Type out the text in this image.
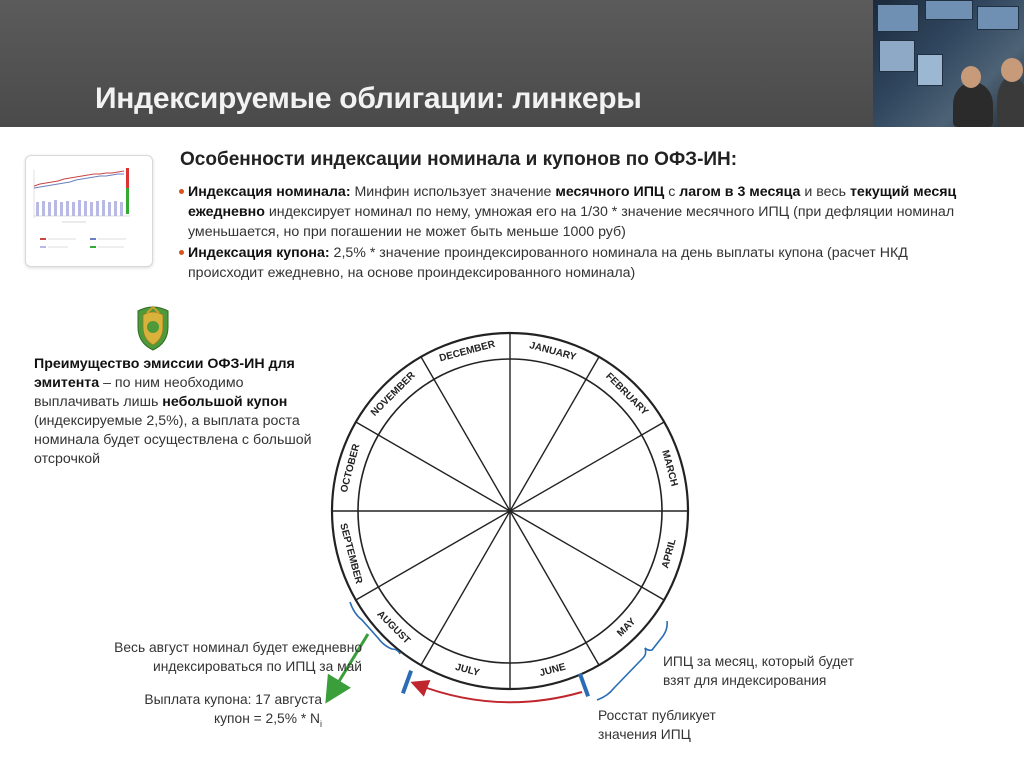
Индексируемые облигации: линкеры
Особенности индексации номинала и купонов по ОФЗ-ИН:
Индексация номинала: Минфин использует значение месячного ИПЦ с лагом в 3 месяца и весь текущий месяц ежедневно индексирует номинал по нему, умножая его на 1/30 * значение месячного ИПЦ (при дефляции номинал уменьшается, но при погашении не может быть меньше 1000 руб)
Индексация купона: 2,5% * значение проиндексированного номинала на день выплаты купона (расчет НКД происходит ежедневно, на основе проиндексированного номинала)
Преимущество эмиссии ОФЗ-ИН для эмитента – по ним необходимо выплачивать лишь небольшой купон (индексируемые 2,5%), а выплата роста номинала будет осуществлена с большой отсрочкой
JANUARY
FEBRUARY
MARCH
APRIL
MAY
JUNE
JULY
AUGUST
SEPTEMBER
OCTOBER
NOVEMBER
DECEMBER
Весь август номинал будет ежедневно
индексироваться по ИПЦ за май
Выплата купона: 17 августа
купон = $2,5\% * N_i$
ИПЦ за месяц, который будет
взят для индексирования
Росстат публикует
значения ИПЦ
